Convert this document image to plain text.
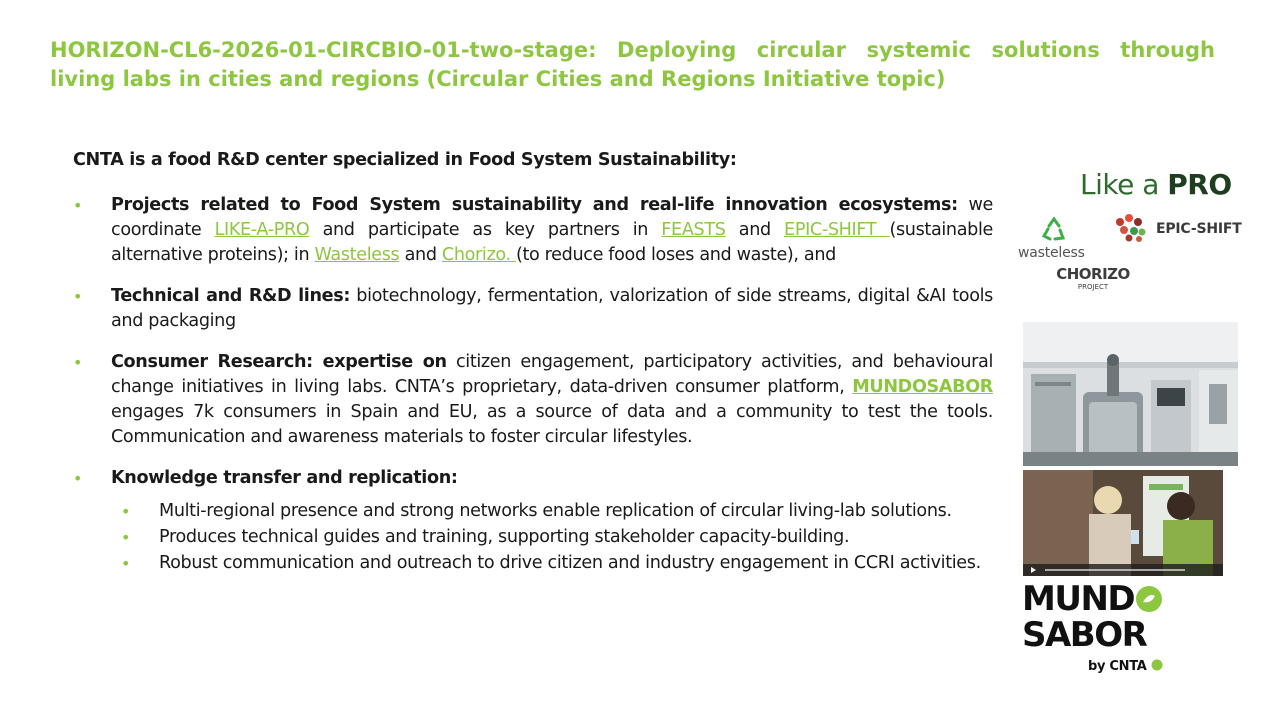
HORIZON-CL6-2026-01-CIRCBIO-01-two-stage: Deploying circular systemic solutions through living labs in cities and regions (Circular Cities and Regions Initiative topic)

CNTA is a food R&D center specialized in Food System Sustainability:

• Projects related to Food System sustainability and real-life innovation ecosystems: we coordinate LIKE-A-PRO and participate as key partners in FEASTS and EPIC-SHIFT (sustainable alternative proteins); in Wasteless and Chorizo. (to reduce food loses and waste), and
• Technical and R&D lines: biotechnology, fermentation, valorization of side streams, digital &AI tools and packaging
• Consumer Research: expertise on citizen engagement, participatory activities, and behavioural change initiatives in living labs. CNTA’s proprietary, data-driven consumer platform, MUNDOSABOR engages 7k consumers in Spain and EU, as a source of data and a community to test the tools. Communication and awareness materials to foster circular lifestyles.
• Knowledge transfer and replication:
• Multi-regional presence and strong networks enable replication of circular living-lab solutions.
• Produces technical guides and training, supporting stakeholder capacity-building.
• Robust communication and outreach to drive citizen and industry engagement in CCRI activities.
Like a PRO
wasteless
EPIC-SHIFT
CHORIZO
PROJECT
MUND
SABOR
by CNTA
